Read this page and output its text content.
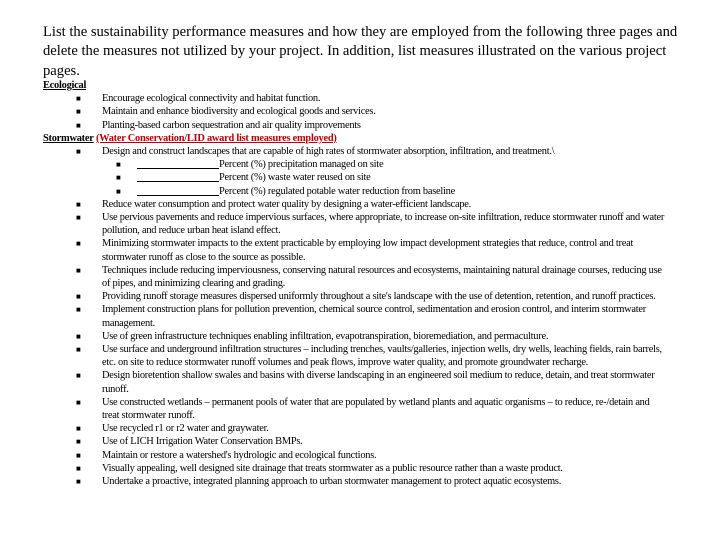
List the sustainability performance measures and how they are employed from the following three pages and delete the measures not utilized by your project. In addition, list measures illustrated on the various project pages.
Ecological
■ Encourage ecological connectivity and habitat function.
■ Maintain and enhance biodiversity and ecological goods and services.
■ Planting-based carbon sequestration and air quality improvements
Stormwater (Water Conservation/LID award list measures employed)
■ Design and construct landscapes that are capable of high rates of stormwater absorption, infiltration, and treatment.\
■	Percent (%) precipitation managed on site
■	Percent (%) waste water reused on site
■	Percent (%) regulated potable water reduction from baseline
■ Reduce water consumption and protect water quality by designing a water-efficient landscape.
■ Use pervious pavements and reduce impervious surfaces, where appropriate, to increase on-site infiltration, reduce stormwater runoff and water pollution, and reduce urban heat island effect.
■ Minimizing stormwater impacts to the extent practicable by employing low impact development strategies that reduce, control and treat stormwater runoff as close to the source as possible.
■ Techniques include reducing imperviousness, conserving natural resources and ecosystems, maintaining natural drainage courses, reducing use of pipes, and minimizing clearing and grading.
■ Providing runoff storage measures dispersed uniformly throughout a site's landscape with the use of detention, retention, and runoff practices.
■ Implement construction plans for pollution prevention, chemical source control, sedimentation and erosion control, and interim stormwater management.
■ Use of green infrastructure techniques enabling infiltration, evapotranspiration, bioremediation, and permaculture.
■ Use surface and underground infiltration structures – including trenches, vaults/galleries, injection wells, dry wells, leaching fields, rain barrels, etc. on site to reduce stormwater runoff volumes and peak flows, improve water quality, and promote groundwater recharge.
■ Design bioretention shallow swales and basins with diverse landscaping in an engineered soil medium to reduce, detain, and treat stormwater runoff.
■ Use constructed wetlands – permanent pools of water that are populated by wetland plants and aquatic organisms – to reduce, re-/detain and treat stormwater runoff.
■ Use recycled r1 or r2 water and graywater.
■ Use of LICH Irrigation Water Conservation BMPs.
■ Maintain or restore a watershed's hydrologic and ecological functions.
■ Visually appealing, well designed site drainage that treats stormwater as a public resource rather than a waste product.
■ Undertake a proactive, integrated planning approach to urban stormwater management to protect aquatic ecosystems.
